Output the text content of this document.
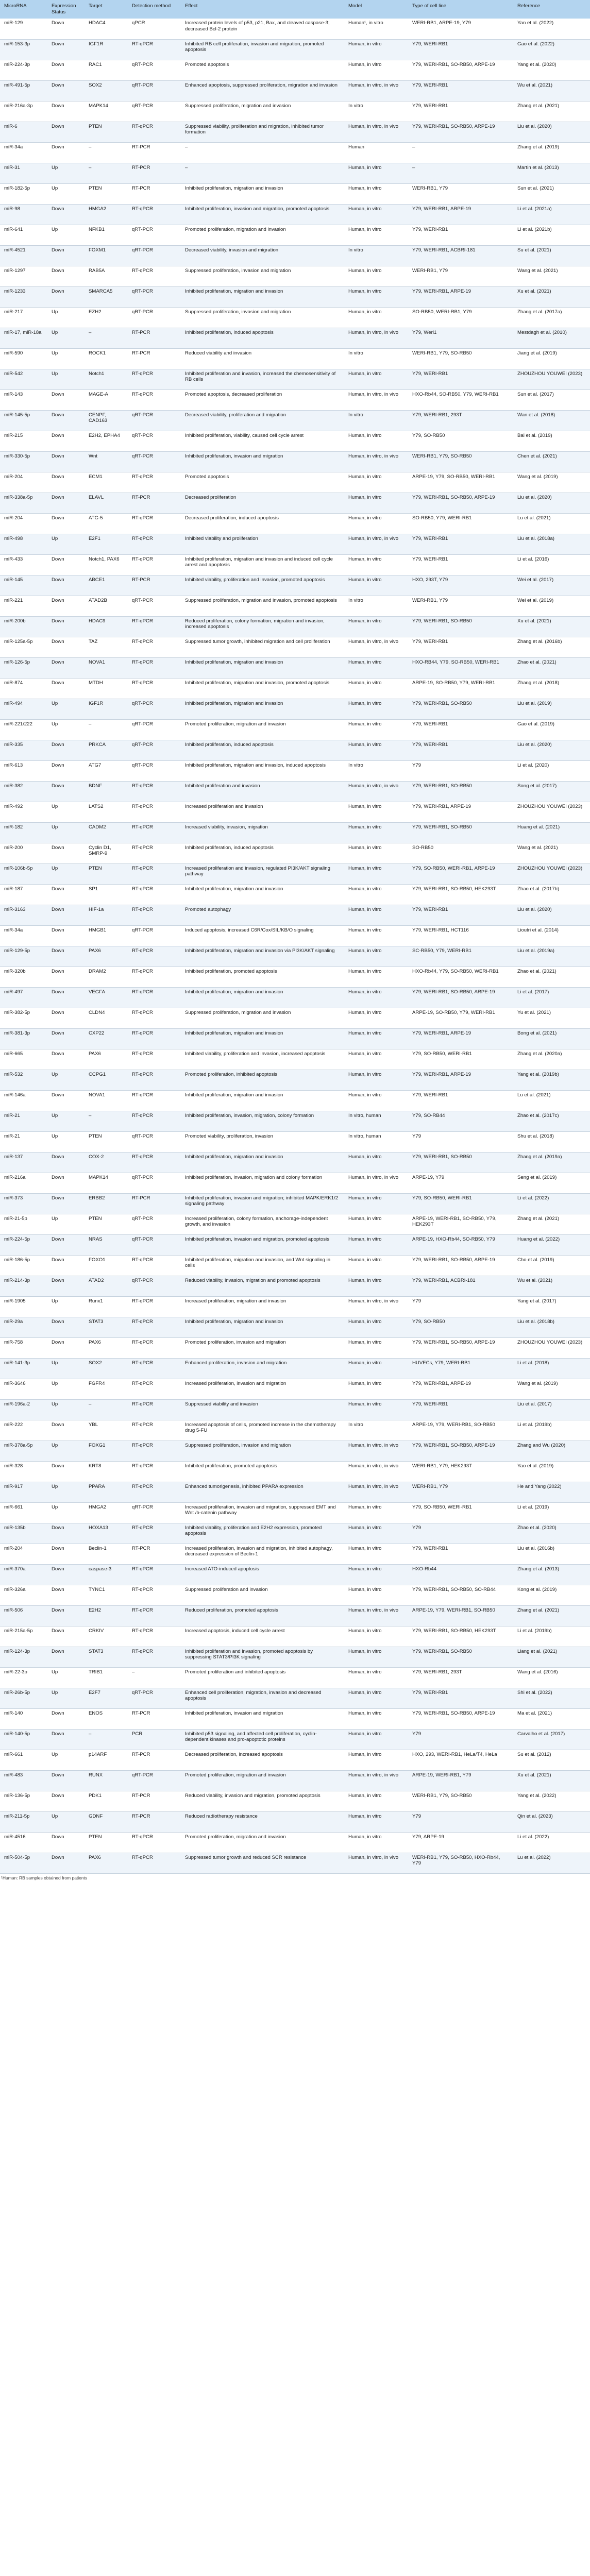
MicroRNA	Expression Status	Target	Detection method	Effect	Model	Type of cell line	Reference
miR-129	Down	HDAC4	qPCR	Increased protein levels of p53, p21, Bax, and cleaved caspase-3; decreased Bcl-2 protein	Human¹, in vitro	WERI-RB1, ARPE-19, Y79	Yan et al. (2022)
miR-153-3p	Down	IGF1R	RT-qPCR	Inhibited RB cell proliferation, invasion and migration, promoted apoptosis	Human, in vitro	Y79, WERI-RB1	Gao et al. (2022)
miR-224-3p	Down	RAC1	qRT-PCR	Promoted apoptosis	Human, in vitro	Y79, WERI-RB1, SO-RB50, ARPE-19	Yang et al. (2020)
miR-491-5p	Down	SOX2	qRT-PCR	Enhanced apoptosis, suppressed proliferation, migration and invasion	Human, in vitro, in vivo	Y79, WERI-RB1	Wu et al. (2021)
miR-216a-3p	Down	MAPK14	qRT-PCR	Suppressed proliferation, migration and invasion	In vitro	Y79, WERI-RB1	Zhang et al. (2021)
miR-6	Down	PTEN	RT-qPCR	Suppressed viability, proliferation and migration, inhibited tumor formation	Human, in vitro, in vivo	Y79, WERI-RB1, SO-RB50, ARPE-19	Liu et al. (2020)
miR-34a	Down	–	RT-PCR	–	Human	–	Zhang et al. (2019)
miR-31	Up	–	RT-PCR	–	Human, in vitro	–	Martin et al. (2013)
miR-182-5p	Up	PTEN	RT-PCR	Inhibited proliferation, migration and invasion	Human, in vitro	WERI-RB1, Y79	Sun et al. (2021)
miR-98	Down	HMGA2	RT-qPCR	Inhibited proliferation, invasion and migration, promoted apoptosis	Human, in vitro	Y79, WERI-RB1, ARPE-19	Li et al. (2021a)
miR-641	Up	NFKB1	qRT-PCR	Promoted proliferation, migration and invasion	Human, in vitro	Y79, WERI-RB1	Li et al. (2021b)
miR-4521	Down	FOXM1	qRT-PCR	Decreased viability, invasion and migration	In vitro	Y79, WERI-RB1, ACBRI-181	Su et al. (2021)
miR-1297	Down	RAB5A	RT-qPCR	Suppressed proliferation, invasion and migration	Human, in vitro	WERI-RB1, Y79	Wang et al. (2021)
miR-1233	Down	SMARCA5	qRT-PCR	Inhibited proliferation, migration and invasion	Human, in vitro	Y79, WERI-RB1, ARPE-19	Xu et al. (2021)
miR-217	Up	EZH2	qRT-PCR	Suppressed proliferation, invasion and migration	Human, in vitro	SO-RB50, WERI-RB1, Y79	Zhang et al. (2017a)
miR-17, miR-18a	Up	–	RT-PCR	Inhibited proliferation, induced apoptosis	Human, in vitro, in vivo	Y79, Weri1	Mestdagh et al. (2010)
miR-590	Up	ROCK1	RT-PCR	Reduced viability and invasion	In vitro	WERI-RB1, Y79, SO-RB50	Jiang et al. (2019)
miR-542	Up	Notch1	RT-qPCR	Inhibited proliferation and invasion, increased the chemosensitivity of RB cells	Human, in vitro	Y79, WERI-RB1	ZHOUZHOU YOUWEI (2023)
miR-143	Down	MAGE-A	RT-qPCR	Promoted apoptosis, decreased proliferation	Human, in vitro, in vivo	HXO-Rb44, SO-RB50, Y79, WERI-RB1	Sun et al. (2017)
miR-145-5p	Down	CENPF, CAD163	qRT-PCR	Decreased viability, proliferation and migration	In vitro	Y79, WERI-RB1, 293T	Wan et al. (2018)
miR-215	Down	E2H2, EPHA4	qRT-PCR	Inhibited proliferation, viability, caused cell cycle arrest	Human, in vitro	Y79, SO-RB50	Bai et al. (2019)
miR-330-5p	Down	Wnt	qRT-PCR	Inhibited proliferation, invasion and migration	Human, in vitro, in vivo	WERI-RB1, Y79, SO-RB50	Chen et al. (2021)
miR-204	Down	ECM1	RT-qPCR	Promoted apoptosis	Human, in vitro	ARPE-19, Y79, SO-RB50, WERI-RB1	Wang et al. (2019)
miR-338a-5p	Down	ELAVL	RT-PCR	Decreased proliferation	Human, in vitro	Y79, WERI-RB1, SO-RB50, ARPE-19	Liu et al. (2020)
miR-204	Down	ATG-5	RT-qPCR	Decreased proliferation, induced apoptosis	Human, in vitro	SO-RB50, Y79, WERI-RB1	Lu et al. (2021)
miR-498	Up	E2F1	RT-qPCR	Inhibited viability and proliferation	Human, in vitro, in vivo	Y79, WERI-RB1	Liu et al. (2018a)
miR-433	Down	Notch1, PAX6	RT-qPCR	Inhibited proliferation, migration and invasion and induced cell cycle arrest and apoptosis	Human, in vitro	Y79, WERI-RB1	Li et al. (2016)
miR-145	Down	ABCE1	RT-PCR	Inhibited viability, proliferation and invasion, promoted apoptosis	Human, in vitro	HXO, 293T, Y79	Wei et al. (2017)
miR-221	Down	ATAD2B	qRT-PCR	Suppressed proliferation, migration and invasion, promoted apoptosis	In vitro	WERI-RB1, Y79	Wei et al. (2019)
miR-200b	Down	HDAC9	RT-qPCR	Reduced proliferation, colony formation, migration and invasion, increased apoptosis	Human, in vitro	Y79, WERI-RB1, SO-RB50	Xu et al. (2021)
miR-125a-5p	Down	TAZ	RT-qPCR	Suppressed tumor growth, inhibited migration and cell proliferation	Human, in vitro, in vivo	Y79, WERI-RB1	Zhang et al. (2016b)
miR-126-5p	Down	NOVA1	RT-qPCR	Inhibited proliferation, migration and invasion	Human, in vitro	HXO-RB44, Y79, SO-RB50, WERI-RB1	Zhao et al. (2021)
miR-874	Down	MTDH	RT-qPCR	Inhibited proliferation, migration and invasion, promoted apoptosis	Human, in vitro	ARPE-19, SO-RB50, Y79, WERI-RB1	Zhang et al. (2018)
miR-494	Up	IGF1R	qRT-PCR	Inhibited proliferation, migration and invasion	Human, in vitro	Y79, WERI-RB1, SO-RB50	Liu et al. (2019)
miR-221/222	Up	–	qRT-PCR	Promoted proliferation, migration and invasion	Human, in vitro	Y79, WERI-RB1	Gao et al. (2019)
miR-335	Down	PRKCA	qRT-PCR	Inhibited proliferation, induced apoptosis	Human, in vitro	Y79, WERI-RB1	Liu et al. (2020)
miR-613	Down	ATG7	qRT-PCR	Inhibited proliferation, migration and invasion, induced apoptosis	In vitro	Y79	Li et al. (2020)
miR-382	Down	BDNF	RT-qPCR	Inhibited proliferation and invasion	Human, in vitro, in vivo	Y79, WERI-RB1, SO-RB50	Song et al. (2017)
miR-492	Up	LATS2	RT-qPCR	Increased proliferation and invasion	Human, in vitro	Y79, WERI-RB1, ARPE-19	ZHOUZHOU YOUWEI (2023)
miR-182	Up	CADM2	RT-qPCR	Increased viability, invasion, migration	Human, in vitro	Y79, WERI-RB1, SO-RB50	Huang et al. (2021)
miR-200	Down	Cyclin D1, SMRP-9	RT-qPCR	Inhibited proliferation, induced apoptosis	Human, in vitro	SO-RB50	Wang et al. (2021)
miR-106b-5p	Up	PTEN	RT-qPCR	Increased proliferation and invasion, regulated PI3K/AKT signaling pathway	Human, in vitro	Y79, SO-RB50, WERI-RB1, ARPE-19	ZHOUZHOU YOUWEI (2023)
miR-187	Down	SP1	RT-qPCR	Inhibited proliferation, migration and invasion	Human, in vitro	Y79, WERI-RB1, SO-RB50, HEK293T	Zhao et al. (2017b)
miR-3163	Down	HIF-1a	RT-qPCR	Promoted autophagy	Human, in vitro	Y79, WERI-RB1	Liu et al. (2020)
miR-34a	Down	HMGB1	qRT-PCR	Induced apoptosis, increased C6R/Cox/SIL/KB/O signaling	Human, in vitro	Y79, WERI-RB1, HCT116	Lioutri et al. (2014)
miR-129-5p	Down	PAX6	RT-qPCR	Inhibited proliferation, migration and invasion via PI3K/AKT signaling	Human, in vitro	SC-RB50, Y79, WERI-RB1	Liu et al. (2019a)
miR-320b	Down	DRAM2	RT-qPCR	Inhibited proliferation, promoted apoptosis	Human, in vitro	HXO-Rb44, Y79, SO-RB50, WERI-RB1	Zhao et al. (2021)
miR-497	Down	VEGFA	RT-qPCR	Inhibited proliferation, migration and invasion	Human, in vitro	Y79, WERI-RB1, SO-RB50, ARPE-19	Li et al. (2017)
miR-382-5p	Down	CLDN4	RT-qPCR	Suppressed proliferation, migration and invasion	Human, in vitro	ARPE-19, SO-RB50, Y79, WERI-RB1	Yu et al. (2021)
miR-381-3p	Down	CXP22	RT-qPCR	Inhibited proliferation, migration and invasion	Human, in vitro	Y79, WERI-RB1, ARPE-19	Bong et al. (2021)
miR-665	Down	PAX6	RT-qPCR	Inhibited viability, proliferation and invasion, increased apoptosis	Human, in vitro	Y79, SO-RB50, WERI-RB1	Zhang et al. (2020a)
miR-532	Up	CCPG1	RT-qPCR	Promoted proliferation, inhibited apoptosis	Human, in vitro	Y79, WERI-RB1, ARPE-19	Yang et al. (2019b)
miR-146a	Down	NOVA1	RT-qPCR	Inhibited proliferation, migration and invasion	Human, in vitro	Y79, WERI-RB1	Lu et al. (2021)
miR-21	Up	–	RT-qPCR	Inhibited proliferation, invasion, migration, colony formation	In vitro, human	Y79, SO-RB44	Zhao et al. (2017c)
miR-21	Up	PTEN	qRT-PCR	Promoted viability, proliferation, invasion	In vitro, human	Y79	Shu et al. (2018)
miR-137	Down	COX-2	RT-qPCR	Inhibited proliferation, migration and invasion	Human, in vitro	Y79, WERI-RB1, SO-RB50	Zhang et al. (2019a)
miR-216a	Down	MAPK14	qRT-PCR	Inhibited proliferation, invasion, migration and colony formation	Human, in vitro, in vivo	ARPE-19, Y79	Seng et al. (2019)
miR-373	Down	ERBB2	RT-PCR	Inhibited proliferation, invasion and migration; inhibited MAPK/ERK1/2 signaling pathway	Human, in vitro	Y79, SO-RB50, WERI-RB1	Li et al. (2022)
miR-21-5p	Up	PTEN	qRT-PCR	Increased proliferation, colony formation, anchorage-independent growth, and invasion	Human, in vitro	ARPE-19, WERI-RB1, SO-RB50, Y79, HEK293T	Zhang et al. (2021)
miR-224-5p	Down	NRAS	qRT-PCR	Inhibited proliferation, invasion and migration, promoted apoptosis	Human, in vitro	ARPE-19, HXO-Rb44, SO-RB50, Y79	Huang et al. (2022)
miR-186-5p	Down	FOXO1	RT-qPCR	Inhibited proliferation, migration and invasion, and Wnt signaling in cells	Human, in vitro	Y79, WERI-RB1, SO-RB50, ARPE-19	Cho et al. (2019)
miR-214-3p	Down	ATAD2	qRT-PCR	Reduced viability, invasion, migration and promoted apoptosis	Human, in vitro	Y79, WERI-RB1, ACBRI-181	Wu et al. (2021)
miR-1905	Up	Runx1	RT-qPCR	Increased proliferation, migration and invasion	Human, in vitro, in vivo	Y79	Yang et al. (2017)
miR-29a	Down	STAT3	RT-qPCR	Inhibited proliferation, migration and invasion	Human, in vitro	Y79, SO-RB50	Liu et al. (2018b)
miR-758	Down	PAX6	RT-qPCR	Promoted proliferation, invasion and migration	Human, in vitro	Y79, WERI-RB1, SO-RB50, ARPE-19	ZHOUZHOU YOUWEI (2023)
miR-141-3p	Up	SOX2	RT-qPCR	Enhanced proliferation, invasion and migration	Human, in vitro	HUVECs, Y79, WERI-RB1	Li et al. (2018)
miR-3646	Up	FGFR4	RT-qPCR	Increased proliferation, invasion and migration	Human, in vitro	Y79, WERI-RB1, ARPE-19	Wang et al. (2019)
miR-196a-2	Up	–	RT-qPCR	Suppressed viability and invasion	Human, in vitro	Y79, WERI-RB1	Liu et al. (2017)
miR-222	Down	YBL	RT-qPCR	Increased apoptosis of cells, promoted increase in the chemotherapy drug 5-FU	In vitro	ARPE-19, Y79, WERI-RB1, SO-RB50	Li et al. (2019b)
miR-378a-5p	Up	FOXG1	RT-qPCR	Suppressed proliferation, invasion and migration	Human, in vitro, in vivo	Y79, WERI-RB1, SO-RB50, ARPE-19	Zhang and Wu (2020)
miR-328	Down	KRT8	RT-qPCR	Inhibited proliferation, promoted apoptosis	Human, in vitro, in vivo	WERI-RB1, Y79, HEK293T	Yao et al. (2019)
miR-917	Up	PPARA	RT-qPCR	Enhanced tumorigenesis, inhibited PPARA expression	Human, in vitro, in vivo	WERI-RB1, Y79	He and Yang (2022)
miR-661	Up	HMGA2	qRT-PCR	Increased proliferation, invasion and migration, suppressed EMT and Wnt /b-catenin pathway	Human, in vitro	Y79, SO-RB50, WERI-RB1	Li et al. (2019)
miR-135b	Down	HOXA13	RT-qPCR	Inhibited viability, proliferation and E2H2 expression, promoted apoptosis	Human, in vitro	Y79	Zhao et al. (2020)
miR-204	Down	Beclin-1	RT-PCR	Increased proliferation, invasion and migration, inhibited autophagy, decreased expression of Beclin-1	Human, in vitro	Y79, WERI-RB1	Liu et al. (2016b)
miR-370a	Down	caspase-3	RT-qPCR	Increased ATO-induced apoptosis	Human, in vitro	HXO-Rb44	Zhang et al. (2013)
miR-326a	Down	TYNC1	RT-qPCR	Suppressed proliferation and invasion	Human, in vitro	Y79, WERI-RB1, SO-RB50, SO-RB44	Kong et al. (2019)
miR-506	Down	E2H2	RT-qPCR	Reduced proliferation, promoted apoptosis	Human, in vitro, in vivo	ARPE-19, Y79, WERI-RB1, SO-RB50	Zhang et al. (2021)
miR-215a-5p	Down	CRKIV	RT-qPCR	Increased apoptosis, induced cell cycle arrest	Human, in vitro	Y79, WERI-RB1, SO-RB50, HEK293T	Li et al. (2019b)
miR-124-3p	Down	STAT3	RT-qPCR	Inhibited proliferation and invasion, promoted apoptosis by suppressing STAT3/PI3K signaling	Human, in vitro	Y79, WERI-RB1, SO-RB50	Liang et al. (2021)
miR-22-3p	Up	TRIB1	–	Promoted proliferation and inhibited apoptosis	Human, in vitro	Y79, WERI-RB1, 293T	Wang et al. (2016)
miR-26b-5p	Up	E2F7	qRT-PCR	Enhanced cell proliferation, migration, invasion and decreased apoptosis	Human, in vitro	Y79, WERI-RB1	Shi et al. (2022)
miR-140	Down	ENOS	RT-PCR	Inhibited proliferation, invasion and migration	Human, in vitro	Y79, WERI-RB1, SO-RB50, ARPE-19	Ma et al. (2021)
miR-140-5p	Down	–	PCR	Inhibited p53 signaling, and affected cell proliferation, cyclin-dependent kinases and pro-apoptotic proteins	Human, in vitro	Y79	Carvalho et al. (2017)
miR-661	Up	p14ARF	RT-PCR	Decreased proliferation, increased apoptosis	Human, in vitro	HXO, 293, WERI-RB1, HeLa/T4, HeLa	Su et al. (2012)
miR-483	Down	RUNX	qRT-PCR	Promoted proliferation, migration and invasion	Human, in vitro, in vivo	ARPE-19, WERI-RB1, Y79	Xu et al. (2021)
miR-136-5p	Down	PDK1	RT-PCR	Reduced viability, invasion and migration, promoted apoptosis	Human, in vitro	WERI-RB1, Y79, SO-RB50	Yang et al. (2022)
miR-211-5p	Up	GDNF	RT-PCR	Reduced radiotherapy resistance	Human, in vitro	Y79	Qin et al. (2023)
miR-4516	Down	PTEN	RT-qPCR	Promoted proliferation, migration and invasion	Human, in vitro	Y79, ARPE-19	Li et al. (2022)
miR-504-5p	Down	PAX6	RT-qPCR	Suppressed tumor growth and reduced SCR resistance	Human, in vitro, in vivo	WERI-RB1, Y79, SO-RB50, HXO-Rb44, Y79	Lu et al. (2022)
¹Human: RB samples obtained from patients
